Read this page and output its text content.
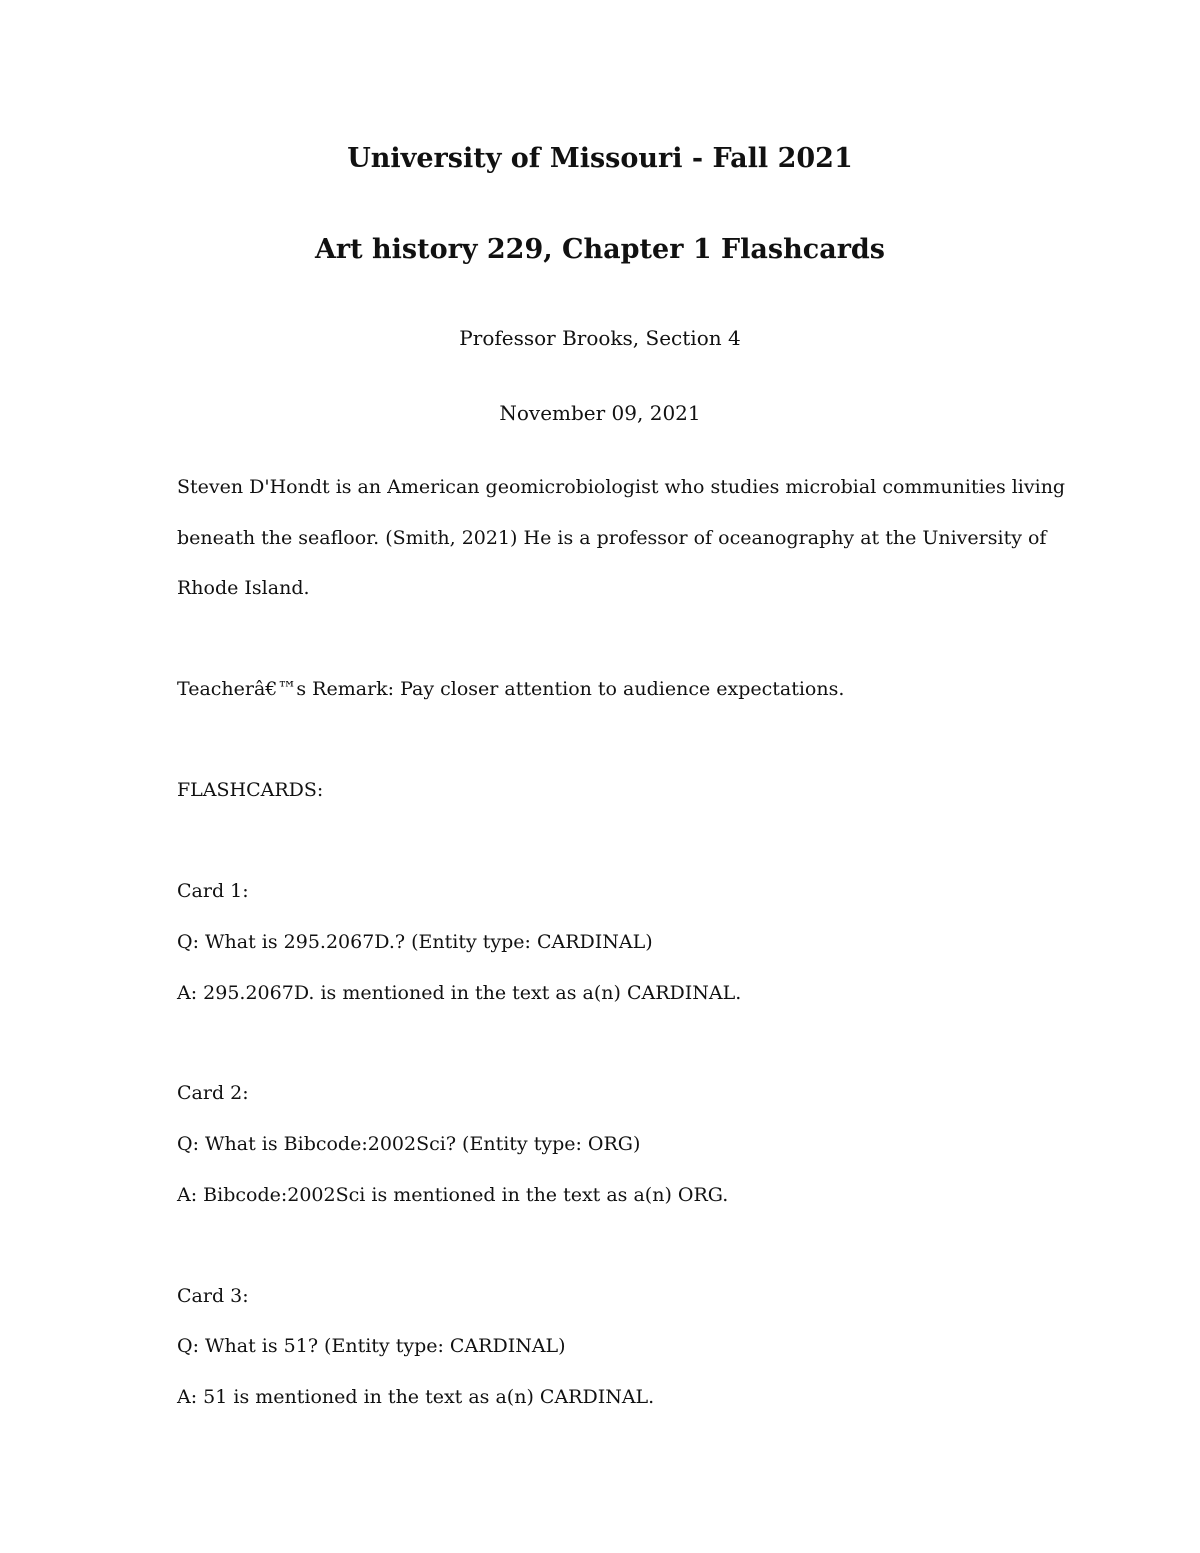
University of Missouri - Fall 2021
Art history 229, Chapter 1 Flashcards
Professor Brooks, Section 4
November 09, 2021
Steven D'Hondt is an American geomicrobiologist who studies microbial communities living
beneath the seafloor. (Smith, 2021) He is a professor of oceanography at the University of
Rhode Island.
Teacherâ€™s Remark: Pay closer attention to audience expectations.
FLASHCARDS:
Card 1:
Q: What is 295.2067D.? (Entity type: CARDINAL)
A: 295.2067D. is mentioned in the text as a(n) CARDINAL.
Card 2:
Q: What is Bibcode:2002Sci? (Entity type: ORG)
A: Bibcode:2002Sci is mentioned in the text as a(n) ORG.
Card 3:
Q: What is 51? (Entity type: CARDINAL)
A: 51 is mentioned in the text as a(n) CARDINAL.
